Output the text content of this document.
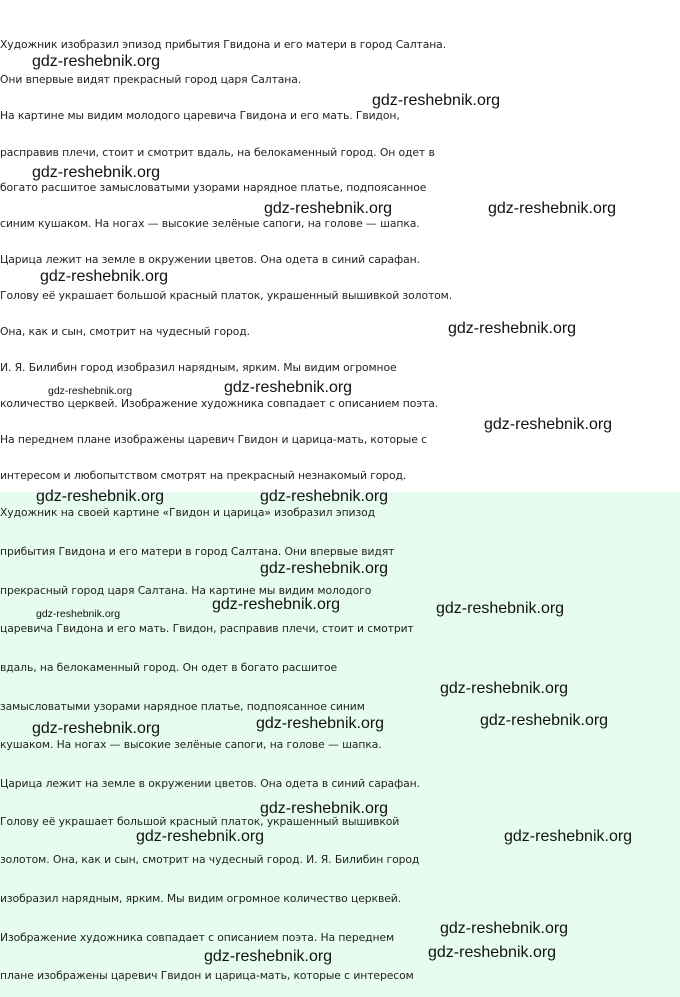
Художник изобразил эпизод прибытия Гвидона и его матери в город Салтана.
Они впервые видят прекрасный город царя Салтана.
На картине мы видим молодого царевича Гвидона и его мать. Гвидон,
расправив плечи, стоит и смотрит вдаль, на белокаменный город. Он одет в
богато расшитое замысловатыми узорами нарядное платье, подпоясанное
синим кушаком. На ногах — высокие зелёные сапоги, на голове — шапка.
Царица лежит на земле в окружении цветов. Она одета в синий сарафан.
Голову её украшает большой красный платок, украшенный вышивкой золотом.
Она, как и сын, смотрит на чудесный город.
И. Я. Билибин город изобразил нарядным, ярким. Мы видим огромное
количество церквей. Изображение художника совпадает с описанием поэта.
На переднем плане изображены царевич Гвидон и царица-мать, которые с
интересом и любопытством смотрят на прекрасный незнакомый город.
Художник на своей картине «Гвидон и царица» изобразил эпизод
прибытия Гвидона и его матери в город Салтана. Они впервые видят
прекрасный город царя Салтана. На картине мы видим молодого
царевича Гвидона и его мать. Гвидон, расправив плечи, стоит и смотрит
вдаль, на белокаменный город. Он одет в богато расшитое
замысловатыми узорами нарядное платье, подпоясанное синим
кушаком. На ногах — высокие зелёные сапоги, на голове — шапка.
Царица лежит на земле в окружении цветов. Она одета в синий сарафан.
Голову её украшает большой красный платок, украшенный вышивкой
золотом. Она, как и сын, смотрит на чудесный город. И. Я. Билибин город
изобразил нарядным, ярким. Мы видим огромное количество церквей.
Изображение художника совпадает с описанием поэта. На переднем
плане изображены царевич Гвидон и царица-мать, которые с интересом
gdz-reshebnik.org
gdz-reshebnik.org
gdz-reshebnik.org
gdz-reshebnik.org	gdz-reshebnik.org
gdz-reshebnik.org
gdz-reshebnik.org
gdz-reshebnik.org	gdz-reshebnik.org
gdz-reshebnik.org
gdz-reshebnik.org	gdz-reshebnik.org
gdz-reshebnik.org
gdz-reshebnik.org	gdz-reshebnik.org
gdz-reshebnik.org	gdz-reshebnik.org	gdz-reshebnik.org
gdz-reshebnik.org	gdz-reshebnik.org
gdz-reshebnik.org	gdz-reshebnik.org
gdz-reshebnik.org
gdz-reshebnik.org
gdz-reshebnik.org
gdz-reshebnik.org
